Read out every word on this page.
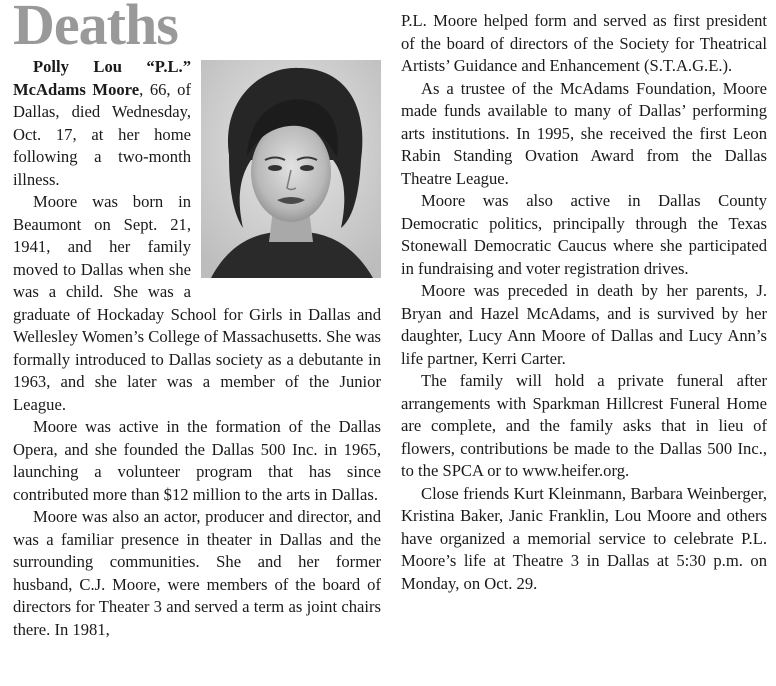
Deaths

Polly Lou “P.L.” McAdams Moore, 66, of Dallas, died Wednesday, Oct. 17, at her home following a two-month illness.

Moore was born in Beaumont on Sept. 21, 1941, and her family moved to Dallas when she was a child. She was a graduate of Hockaday School for Girls in Dallas and Wellesley Women’s College of Massachusetts. She was formally introduced to Dallas society as a debutante in 1963, and she later was a member of the Junior League.

Moore was active in the formation of the Dallas Opera, and she founded the Dallas 500 Inc. in 1965, launching a volunteer program that has since contributed more than $12 million to the arts in Dallas.

Moore was also an actor, producer and director, and was a familiar presence in theater in Dallas and the surrounding communities. She and her former husband, C.J. Moore, were members of the board of directors for Theater 3 and served a term as joint chairs there. In 1981,

P.L. Moore helped form and served as first president of the board of directors of the Society for Theatrical Artists’ Guidance and Enhancement (S.T.A.G.E.).

As a trustee of the McAdams Foundation, Moore made funds available to many of Dallas’ performing arts institutions. In 1995, she received the first Leon Rabin Standing Ovation Award from the Dallas Theatre League.

Moore was also active in Dallas County Democratic politics, principally through the Texas Stonewall Democratic Caucus where she participated in fundraising and voter registration drives.

Moore was preceded in death by her parents, J. Bryan and Hazel McAdams, and is survived by her daughter, Lucy Ann Moore of Dallas and Lucy Ann’s life partner, Kerri Carter.

The family will hold a private funeral after arrangements with Sparkman Hillcrest Funeral Home are complete, and the family asks that in lieu of flowers, contributions be made to the Dallas 500 Inc., to the SPCA or to www.heifer.org.

Close friends Kurt Kleinmann, Barbara Weinberger, Kristina Baker, Janic Franklin, Lou Moore and others have organized a memorial service to celebrate P.L. Moore’s life at Theatre 3 in Dallas at 5:30 p.m. on Monday, on Oct. 29.
